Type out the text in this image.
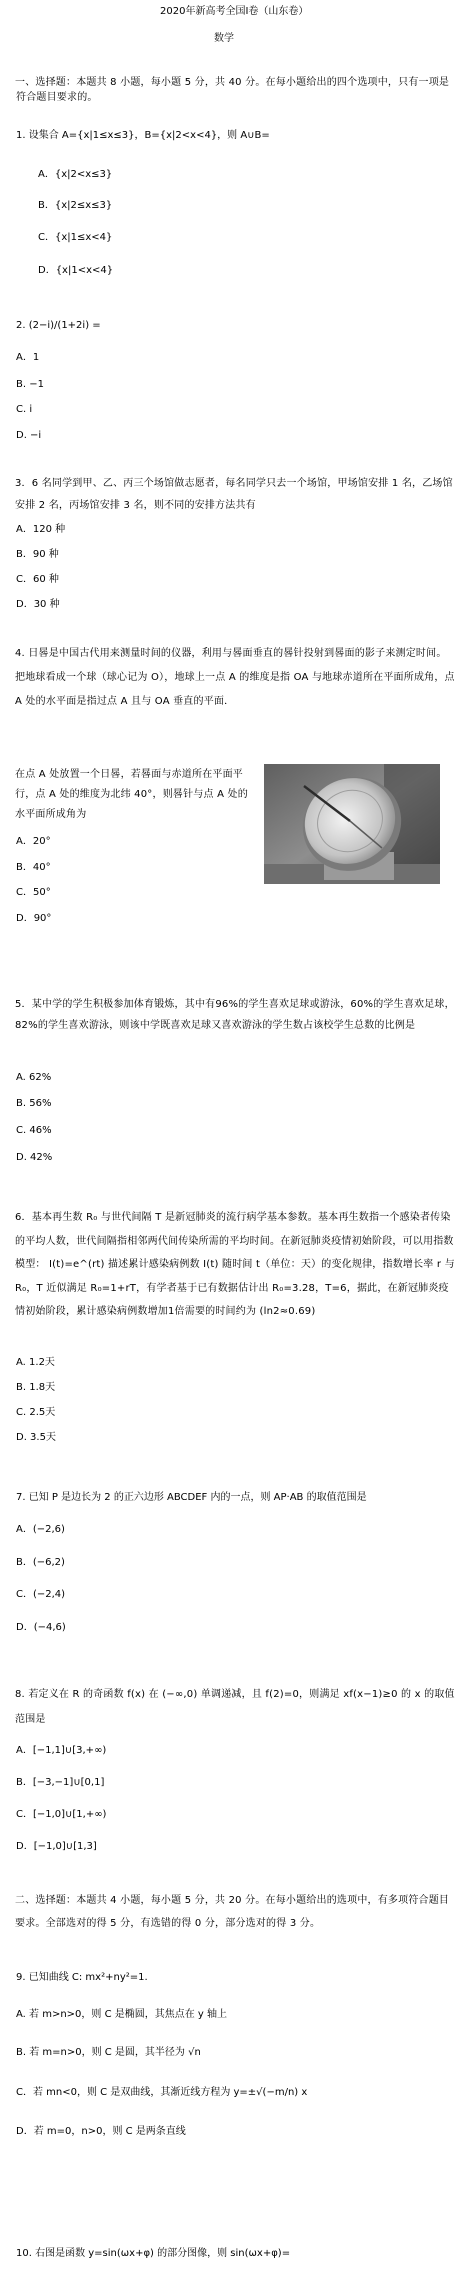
2020年新高考全国Ⅰ卷（山东卷）
数学
一、选择题：本题共 8 小题，每小题 5 分，共 40 分。在每小题给出的四个选项中，只有一项是符合题目要求的。
1. 设集合 A={x|1≤x≤3}，B={x|2<x<4}，则 A∪B=
A．{x|2<x≤3}
B．{x|2≤x≤3}
C．{x|1≤x<4}
D．{x|1<x<4}
2. (2−i)/(1+2i) =
A．1
B. −1
C. i
D. −i
3．6 名同学到甲、乙、丙三个场馆做志愿者，每名同学只去一个场馆，甲场馆安排 1 名，乙场馆安排 2 名，丙场馆安排 3 名，则不同的安排方法共有
A．120 种
B．90 种
C．60 种
D．30 种
4. 日晷是中国古代用来测量时间的仪器，利用与晷面垂直的晷针投射到晷面的影子来测定时间。把地球看成一个球（球心记为 O），地球上一点 A 的维度是指 OA 与地球赤道所在平面所成角，点 A 处的水平面是指过点 A 且与 OA 垂直的平面．
在点 A 处放置一个日晷，若晷面与赤道所在平面平行，点 A 处的维度为北纬 40°，则晷针与点 A 处的水平面所成角为
A．20°
B．40°
C．50°
D．90°
5．某中学的学生积极参加体育锻炼，其中有96%的学生喜欢足球或游泳，60%的学生喜欢足球，82%的学生喜欢游泳，则该中学既喜欢足球又喜欢游泳的学生数占该校学生总数的比例是
A. 62%
B. 56%
C. 46%
D. 42%
6．基本再生数 R₀ 与世代间隔 T 是新冠肺炎的流行病学基本参数。基本再生数指一个感染者传染的平均人数，世代间隔指相邻两代间传染所需的平均时间。在新冠肺炎疫情初始阶段，可以用指数模型： I(t)=e^(rt) 描述累计感染病例数 I(t) 随时间 t（单位：天）的变化规律，指数增长率 r 与 R₀，T 近似满足 R₀=1+rT，有学者基于已有数据估计出 R₀=3.28，T=6，据此，在新冠肺炎疫情初始阶段，累计感染病例数增加1倍需要的时间约为 (ln2≈0.69)
A. 1.2天
B. 1.8天
C. 2.5天
D. 3.5天
7. 已知 P 是边长为 2 的正六边形 ABCDEF 内的一点，则 AP·AB 的取值范围是
A．(−2,6)
B．(−6,2)
C．(−2,4)
D．(−4,6)
8. 若定义在 R 的奇函数 f(x) 在 (−∞,0) 单调递减，且 f(2)=0，则满足 xf(x−1)≥0 的 x 的取值范围是
A．[−1,1]∪[3,+∞)
B．[−3,−1]∪[0,1]
C．[−1,0]∪[1,+∞)
D．[−1,0]∪[1,3]
二、选择题：本题共 4 小题，每小题 5 分，共 20 分。在每小题给出的选项中，有多项符合题目要求。全部选对的得 5 分，有选错的得 0 分，部分选对的得 3 分。
9. 已知曲线 C: mx²+ny²=1.
A. 若 m>n>0，则 C 是椭圆，其焦点在 y 轴上
B. 若 m=n>0，则 C 是圆，其半径为 √n
C．若 mn<0，则 C 是双曲线，其渐近线方程为 y=±√(−m/n) x
D．若 m=0，n>0，则 C 是两条直线
10. 右图是函数 y=sin(ωx+φ) 的部分图像，则 sin(ωx+φ)=
